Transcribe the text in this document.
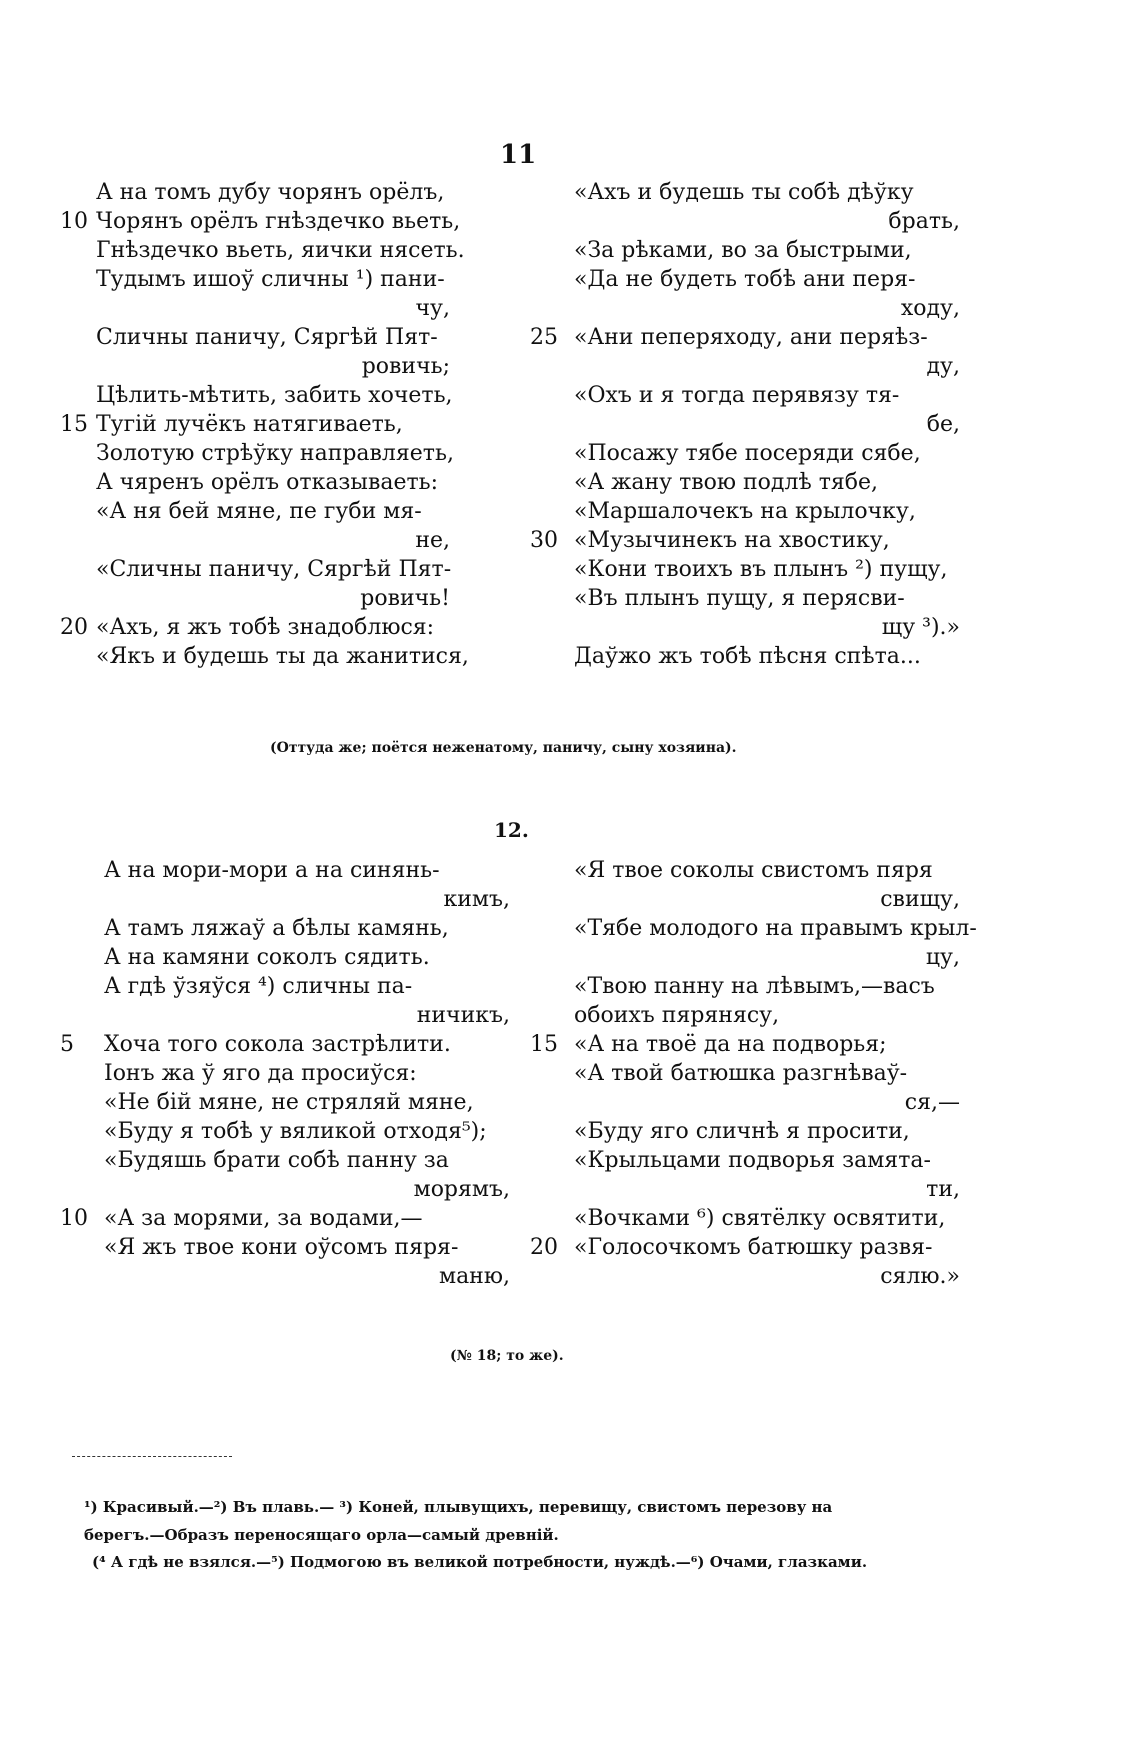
11
А на томъ дубу чорянъ орёлъ,
10 Чорянъ орёлъ гнѣздечко вьеть,
Гнѣздечко вьеть, яички нясеть.
Тудымъ ишоў сличны ¹) пани-
чу,
Сличны паничу, Сяргѣй Пят-
ровичь;
Цѣлить-мѣтить, забить хочеть,
15 Тугій лучёкъ натягиваеть,
Золотую стрѣўку направляеть,
А чяренъ орёлъ отказываеть:
«А ня бей мяне, пе губи мя-
не,
«Сличны паничу, Сяргѣй Пят-
ровичь!
20 «Ахъ, я жъ тобѣ знадоблюся:
«Якъ и будешь ты да жанитися,
«Ахъ и будешь ты собѣ дѣўку
брать,
«За рѣками, во за быстрыми,
«Да не будеть тобѣ ани перя-
ходу,
25 «Ани пеперяходу, ани перяѣз-
ду,
«Охъ и я тогда перявязу тя-
бе,
«Посажу тябе посеряди сябе,
«А жану твою подлѣ тябе,
«Маршалочекъ на крылочку,
30 «Музычинекъ на хвостику,
«Кони твоихъ въ плынъ ²) пущу,
«Въ плынъ пущу, я перясви-
щу ³).»
Даўжо жъ тобѣ пѣсня спѣта...
(Оттуда же; поётся неженатому, паничу, сыну хозяина).
12.
А на мори-мори а на синянь-
кимъ,
А тамъ ляжаў а бѣлы камянь,
А на камяни соколъ сядить.
А гдѣ ўзяўся ⁴) сличны па-
ничикъ,
5 Хоча того сокола застрѣлити.
Іонъ жа ў яго да просиўся:
«Не бій мяне, не стряляй мяне,
«Буду я тобѣ у вяликой отходя⁵);
«Будяшь брати собѣ панну за
морямъ,
10 «А за морями, за водами,—
«Я жъ твое кони оўсомъ пяря-
маню,
«Я твое соколы свистомъ пяря
свищу,
«Тябе молодого на правымъ крыл-
цу,
«Твою панну на лѣвымъ,—васъ
обоихъ пярянясу,
15 «А на твоё да на подворья;
«А твой батюшка разгнѣваў-
ся,—
«Буду яго сличнѣ я просити,
«Крыльцами подворья замята-
ти,
«Вочками ⁶) святёлку освятити,
20 «Голосочкомъ батюшку развя-
сялю.»
(№ 18; то же).
¹) Красивый.—²) Въ плавь.— ³) Коней, плывущихъ, перевищу, свистомъ перезову на
берегъ.—Образъ переносящаго орла—самый древній.
(⁴ А гдѣ не взялся.—⁵) Подмогою въ великой потребности, нуждѣ.—⁶) Очами, глазками.
